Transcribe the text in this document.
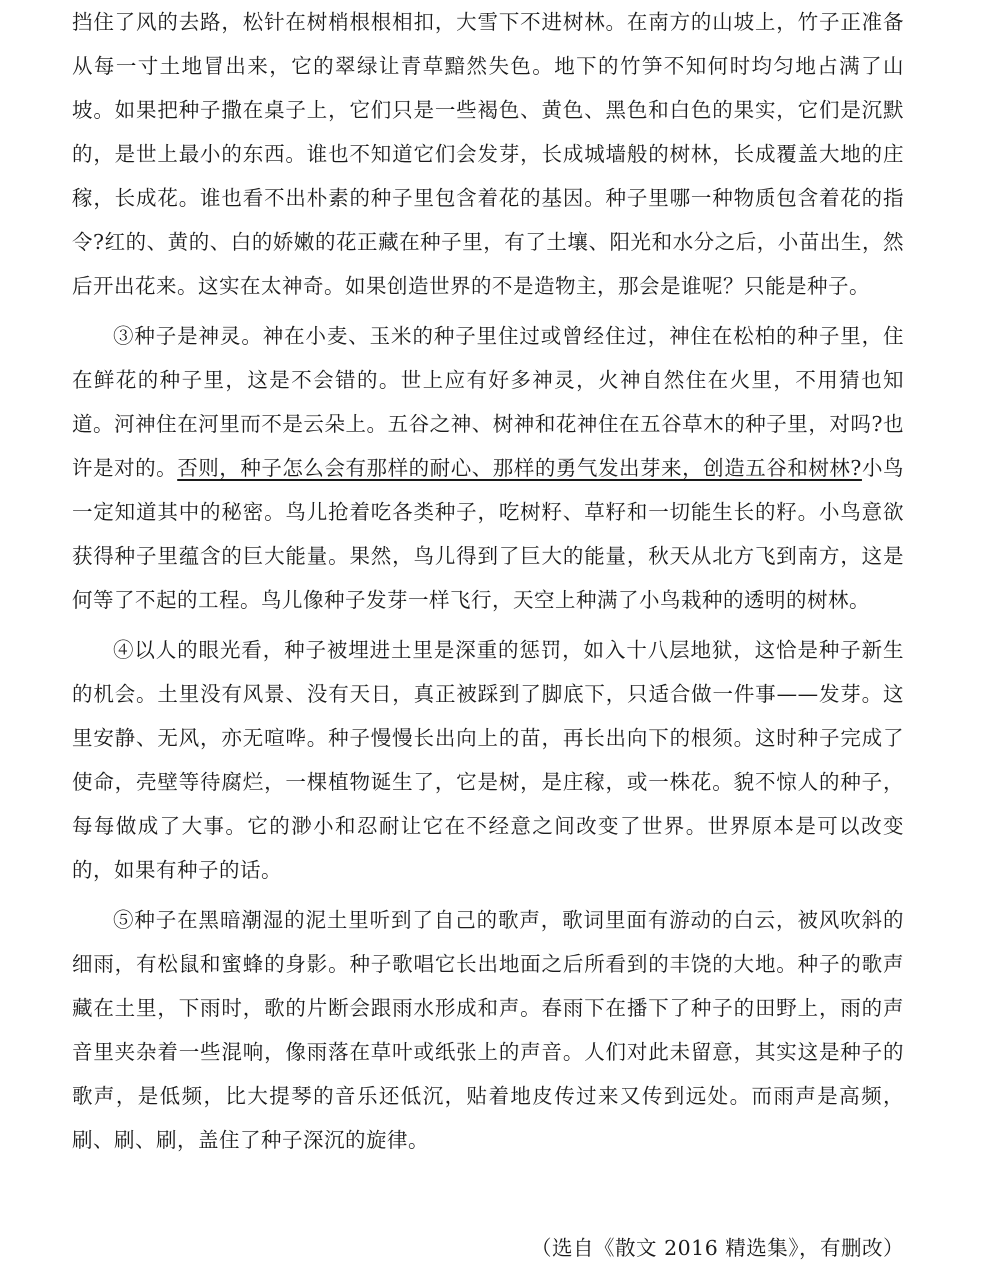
挡住了风的去路，松针在树梢根根相扣，大雪下不进树林。在南方的山坡上，竹子正准备从每一寸土地冒出来，它的翠绿让青草黯然失色。地下的竹笋不知何时均匀地占满了山坡。如果把种子撒在桌子上，它们只是一些褐色、黄色、黑色和白色的果实，它们是沉默的，是世上最小的东西。谁也不知道它们会发芽，长成城墙般的树林，长成覆盖大地的庄稼，长成花。谁也看不出朴素的种子里包含着花的基因。种子里哪一种物质包含着花的指令?红的、黄的、白的娇嫩的花正藏在种子里，有了土壤、阳光和水分之后，小苗出生，然后开出花来。这实在太神奇。如果创造世界的不是造物主，那会是谁呢？只能是种子。

③种子是神灵。神在小麦、玉米的种子里住过或曾经住过，神住在松柏的种子里，住在鲜花的种子里，这是不会错的。世上应有好多神灵，火神自然住在火里，不用猜也知道。河神住在河里而不是云朵上。五谷之神、树神和花神住在五谷草木的种子里，对吗?也许是对的。否则，种子怎么会有那样的耐心、那样的勇气发出芽来，创造五谷和树林?小鸟一定知道其中的秘密。鸟儿抢着吃各类种子，吃树籽、草籽和一切能生长的籽。小鸟意欲获得种子里蕴含的巨大能量。果然，鸟儿得到了巨大的能量，秋天从北方飞到南方，这是何等了不起的工程。鸟儿像种子发芽一样飞行，天空上种满了小鸟栽种的透明的树林。

④以人的眼光看，种子被埋进土里是深重的惩罚，如入十八层地狱，这恰是种子新生的机会。土里没有风景、没有天日，真正被踩到了脚底下，只适合做一件事——发芽。这里安静、无风，亦无喧哗。种子慢慢长出向上的苗，再长出向下的根须。这时种子完成了使命，壳壁等待腐烂，一棵植物诞生了，它是树，是庄稼，或一株花。貌不惊人的种子，每每做成了大事。它的渺小和忍耐让它在不经意之间改变了世界。世界原本是可以改变的，如果有种子的话。

⑤种子在黑暗潮湿的泥土里听到了自己的歌声，歌词里面有游动的白云，被风吹斜的细雨，有松鼠和蜜蜂的身影。种子歌唱它长出地面之后所看到的丰饶的大地。种子的歌声藏在土里，下雨时，歌的片断会跟雨水形成和声。春雨下在播下了种子的田野上，雨的声音里夹杂着一些混响，像雨落在草叶或纸张上的声音。人们对此未留意，其实这是种子的歌声，是低频，比大提琴的音乐还低沉，贴着地皮传过来又传到远处。而雨声是高频，刷、刷、刷，盖住了种子深沉的旋律。

（选自《散文 2016 精选集》，有删改）
